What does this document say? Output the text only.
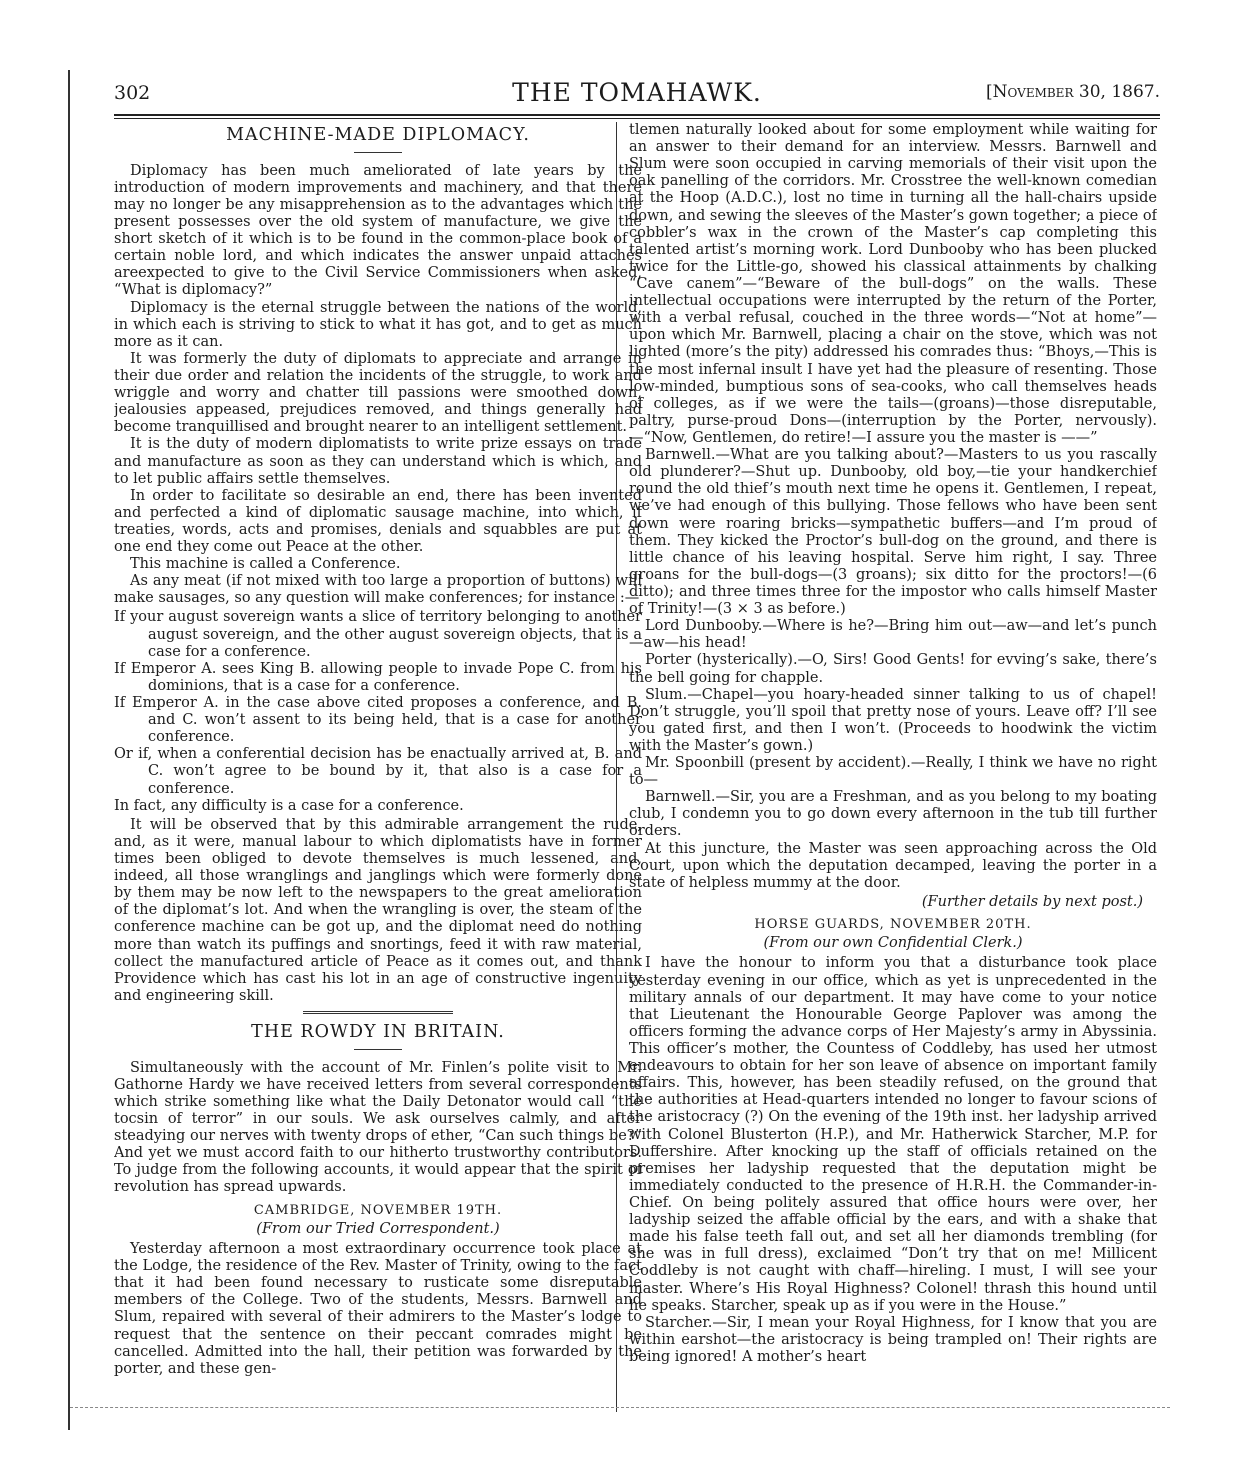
302	THE TOMAHAWK.	[November 30, 1867.
MACHINE-MADE DIPLOMACY.

Diplomacy has been much ameliorated of late years by the introduction of modern improvements and machinery, and that there may no longer be any misapprehension as to the advantages which the present possesses over the old system of manufacture, we give the short sketch of it which is to be found in the common-place book of a certain noble lord, and which indicates the answer unpaid attachés areexpected to give to the Civil Service Commissioners when asked, “What is diplomacy?”

Diplomacy is the eternal struggle between the nations of the world, in which each is striving to stick to what it has got, and to get as much more as it can.

It was formerly the duty of diplomats to appreciate and arrange in their due order and relation the incidents of the struggle, to work and wriggle and worry and chatter till passions were smoothed down, jealousies appeased, prejudices removed, and things generally had become tranquillised and brought nearer to an intelligent settlement.

It is the duty of modern diplomatists to write prize essays on trade and manufacture as soon as they can understand which is which, and to let public affairs settle themselves.

In order to facilitate so desirable an end, there has been invented and perfected a kind of diplomatic sausage machine, into which, if treaties, words, acts and promises, denials and squabbles are put at one end they come out Peace at the other.

This machine is called a Conference.

As any meat (if not mixed with too large a proportion of buttons) will make sausages, so any question will make conferences; for instance :—

If your august sovereign wants a slice of territory belonging to another august sovereign, and the other august sovereign objects, that is a case for a conference.
If Emperor A. sees King B. allowing people to invade Pope C. from his dominions, that is a case for a conference.
If Emperor A. in the case above cited proposes a conference, and B. and C. won’t assent to its being held, that is a case for another conference.
Or if, when a conferential decision has be enactually arrived at, B. and C. won’t agree to be bound by it, that also is a case for a conference.
In fact, any difficulty is a case for a conference.

It will be observed that by this admirable arrangement the rude, and, as it were, manual labour to which diplomatists have in former times been obliged to devote themselves is much lessened, and, indeed, all those wranglings and janglings which were formerly done by them may be now left to the newspapers to the great amelioration of the diplomat’s lot. And when the wrangling is over, the steam of the conference machine can be got up, and the diplomat need do nothing more than watch its puffings and snortings, feed it with raw material, collect the manufactured article of Peace as it comes out, and thank Providence which has cast his lot in an age of constructive ingenuity and engineering skill.

THE ROWDY IN BRITAIN.

Simultaneously with the account of Mr. Finlen’s polite visit to Mr. Gathorne Hardy we have received letters from several correspondents which strike something like what the Daily Detonator would call “the tocsin of terror” in our souls. We ask ourselves calmly, and after steadying our nerves with twenty drops of ether, “Can such things be?” And yet we must accord faith to our hitherto trustworthy contributors. To judge from the following accounts, it would appear that the spirit of revolution has spread upwards.

CAMBRIDGE, NOVEMBER 19TH.
(From our Tried Correspondent.)

Yesterday afternoon a most extraordinary occurrence took place at the Lodge, the residence of the Rev. Master of Trinity, owing to the fact that it had been found necessary to rusticate some disreputable members of the College. Two of the students, Messrs. Barnwell and Slum, repaired with several of their admirers to the Master’s lodge to request that the sentence on their peccant comrades might be cancelled. Admitted into the hall, their petition was forwarded by the porter, and these gen-

tlemen naturally looked about for some employment while waiting for an answer to their demand for an interview. Messrs. Barnwell and Slum were soon occupied in carving memorials of their visit upon the oak panelling of the corridors. Mr. Crosstree the well-known comedian at the Hoop (A.D.C.), lost no time in turning all the hall-chairs upside down, and sewing the sleeves of the Master’s gown together; a piece of cobbler’s wax in the crown of the Master’s cap completing this talented artist’s morning work. Lord Dunbooby who has been plucked twice for the Little-go, showed his classical attainments by chalking “Cave canem”—“Beware of the bull-dogs” on the walls. These intellectual occupations were interrupted by the return of the Porter, with a verbal refusal, couched in the three words—“Not at home”—upon which Mr. Barnwell, placing a chair on the stove, which was not lighted (more’s the pity) addressed his comrades thus: “Bhoys,—This is the most infernal insult I have yet had the pleasure of resenting. Those low-minded, bumptious sons of sea-cooks, who call themselves heads of colleges, as if we were the tails—(groans)—those disreputable, paltry, purse-proud Dons—(interruption by the Porter, nervously).—“Now, Gentlemen, do retire!—I assure you the master is ——”

Barnwell.—What are you talking about?—Masters to us you rascally old plunderer?—Shut up. Dunbooby, old boy,—tie your handkerchief round the old thief’s mouth next time he opens it. Gentlemen, I repeat, we’ve had enough of this bullying. Those fellows who have been sent down were roaring bricks—sympathetic buffers—and I’m proud of them. They kicked the Proctor’s bull-dog on the ground, and there is little chance of his leaving hospital. Serve him right, I say. Three groans for the bull-dogs—(3 groans); six ditto for the proctors!—(6 ditto); and three times three for the impostor who calls himself Master of Trinity!—(3 × 3 as before.)

Lord Dunbooby.—Where is he?—Bring him out—aw—and let’s punch—aw—his head!

Porter (hysterically).—O, Sirs! Good Gents! for evving’s sake, there’s the bell going for chapple.

Slum.—Chapel—you hoary-headed sinner talking to us of chapel! Don’t struggle, you’ll spoil that pretty nose of yours. Leave off? I’ll see you gated first, and then I won’t. (Proceeds to hoodwink the victim with the Master’s gown.)

Mr. Spoonbill (present by accident).—Really, I think we have no right to—

Barnwell.—Sir, you are a Freshman, and as you belong to my boating club, I condemn you to go down every afternoon in the tub till further orders.

At this juncture, the Master was seen approaching across the Old Court, upon which the deputation decamped, leaving the porter in a state of helpless mummy at the door.

(Further details by next post.)
HORSE GUARDS, NOVEMBER 20TH.
(From our own Confidential Clerk.)

I have the honour to inform you that a disturbance took place yesterday evening in our office, which as yet is unprecedented in the military annals of our department. It may have come to your notice that Lieutenant the Honourable George Paplover was among the officers forming the advance corps of Her Majesty’s army in Abyssinia. This officer’s mother, the Countess of Coddleby, has used her utmost endeavours to obtain for her son leave of absence on important family affairs. This, however, has been steadily refused, on the ground that the authorities at Head-quarters intended no longer to favour scions of the aristocracy (?) On the evening of the 19th inst. her ladyship arrived with Colonel Blusterton (H.P.), and Mr. Hatherwick Starcher, M.P. for Duffershire. After knocking up the staff of officials retained on the premises her ladyship requested that the deputation might be immediately conducted to the presence of H.R.H. the Commander-in-Chief. On being politely assured that office hours were over, her ladyship seized the affable official by the ears, and with a shake that made his false teeth fall out, and set all her diamonds trembling (for she was in full dress), exclaimed “Don’t try that on me! Millicent Coddleby is not caught with chaff—hireling. I must, I will see your master. Where’s His Royal Highness? Colonel! thrash this hound until he speaks. Starcher, speak up as if you were in the House.”

Starcher.—Sir, I mean your Royal Highness, for I know that you are within earshot—the aristocracy is being trampled on! Their rights are being ignored! A mother’s heart
